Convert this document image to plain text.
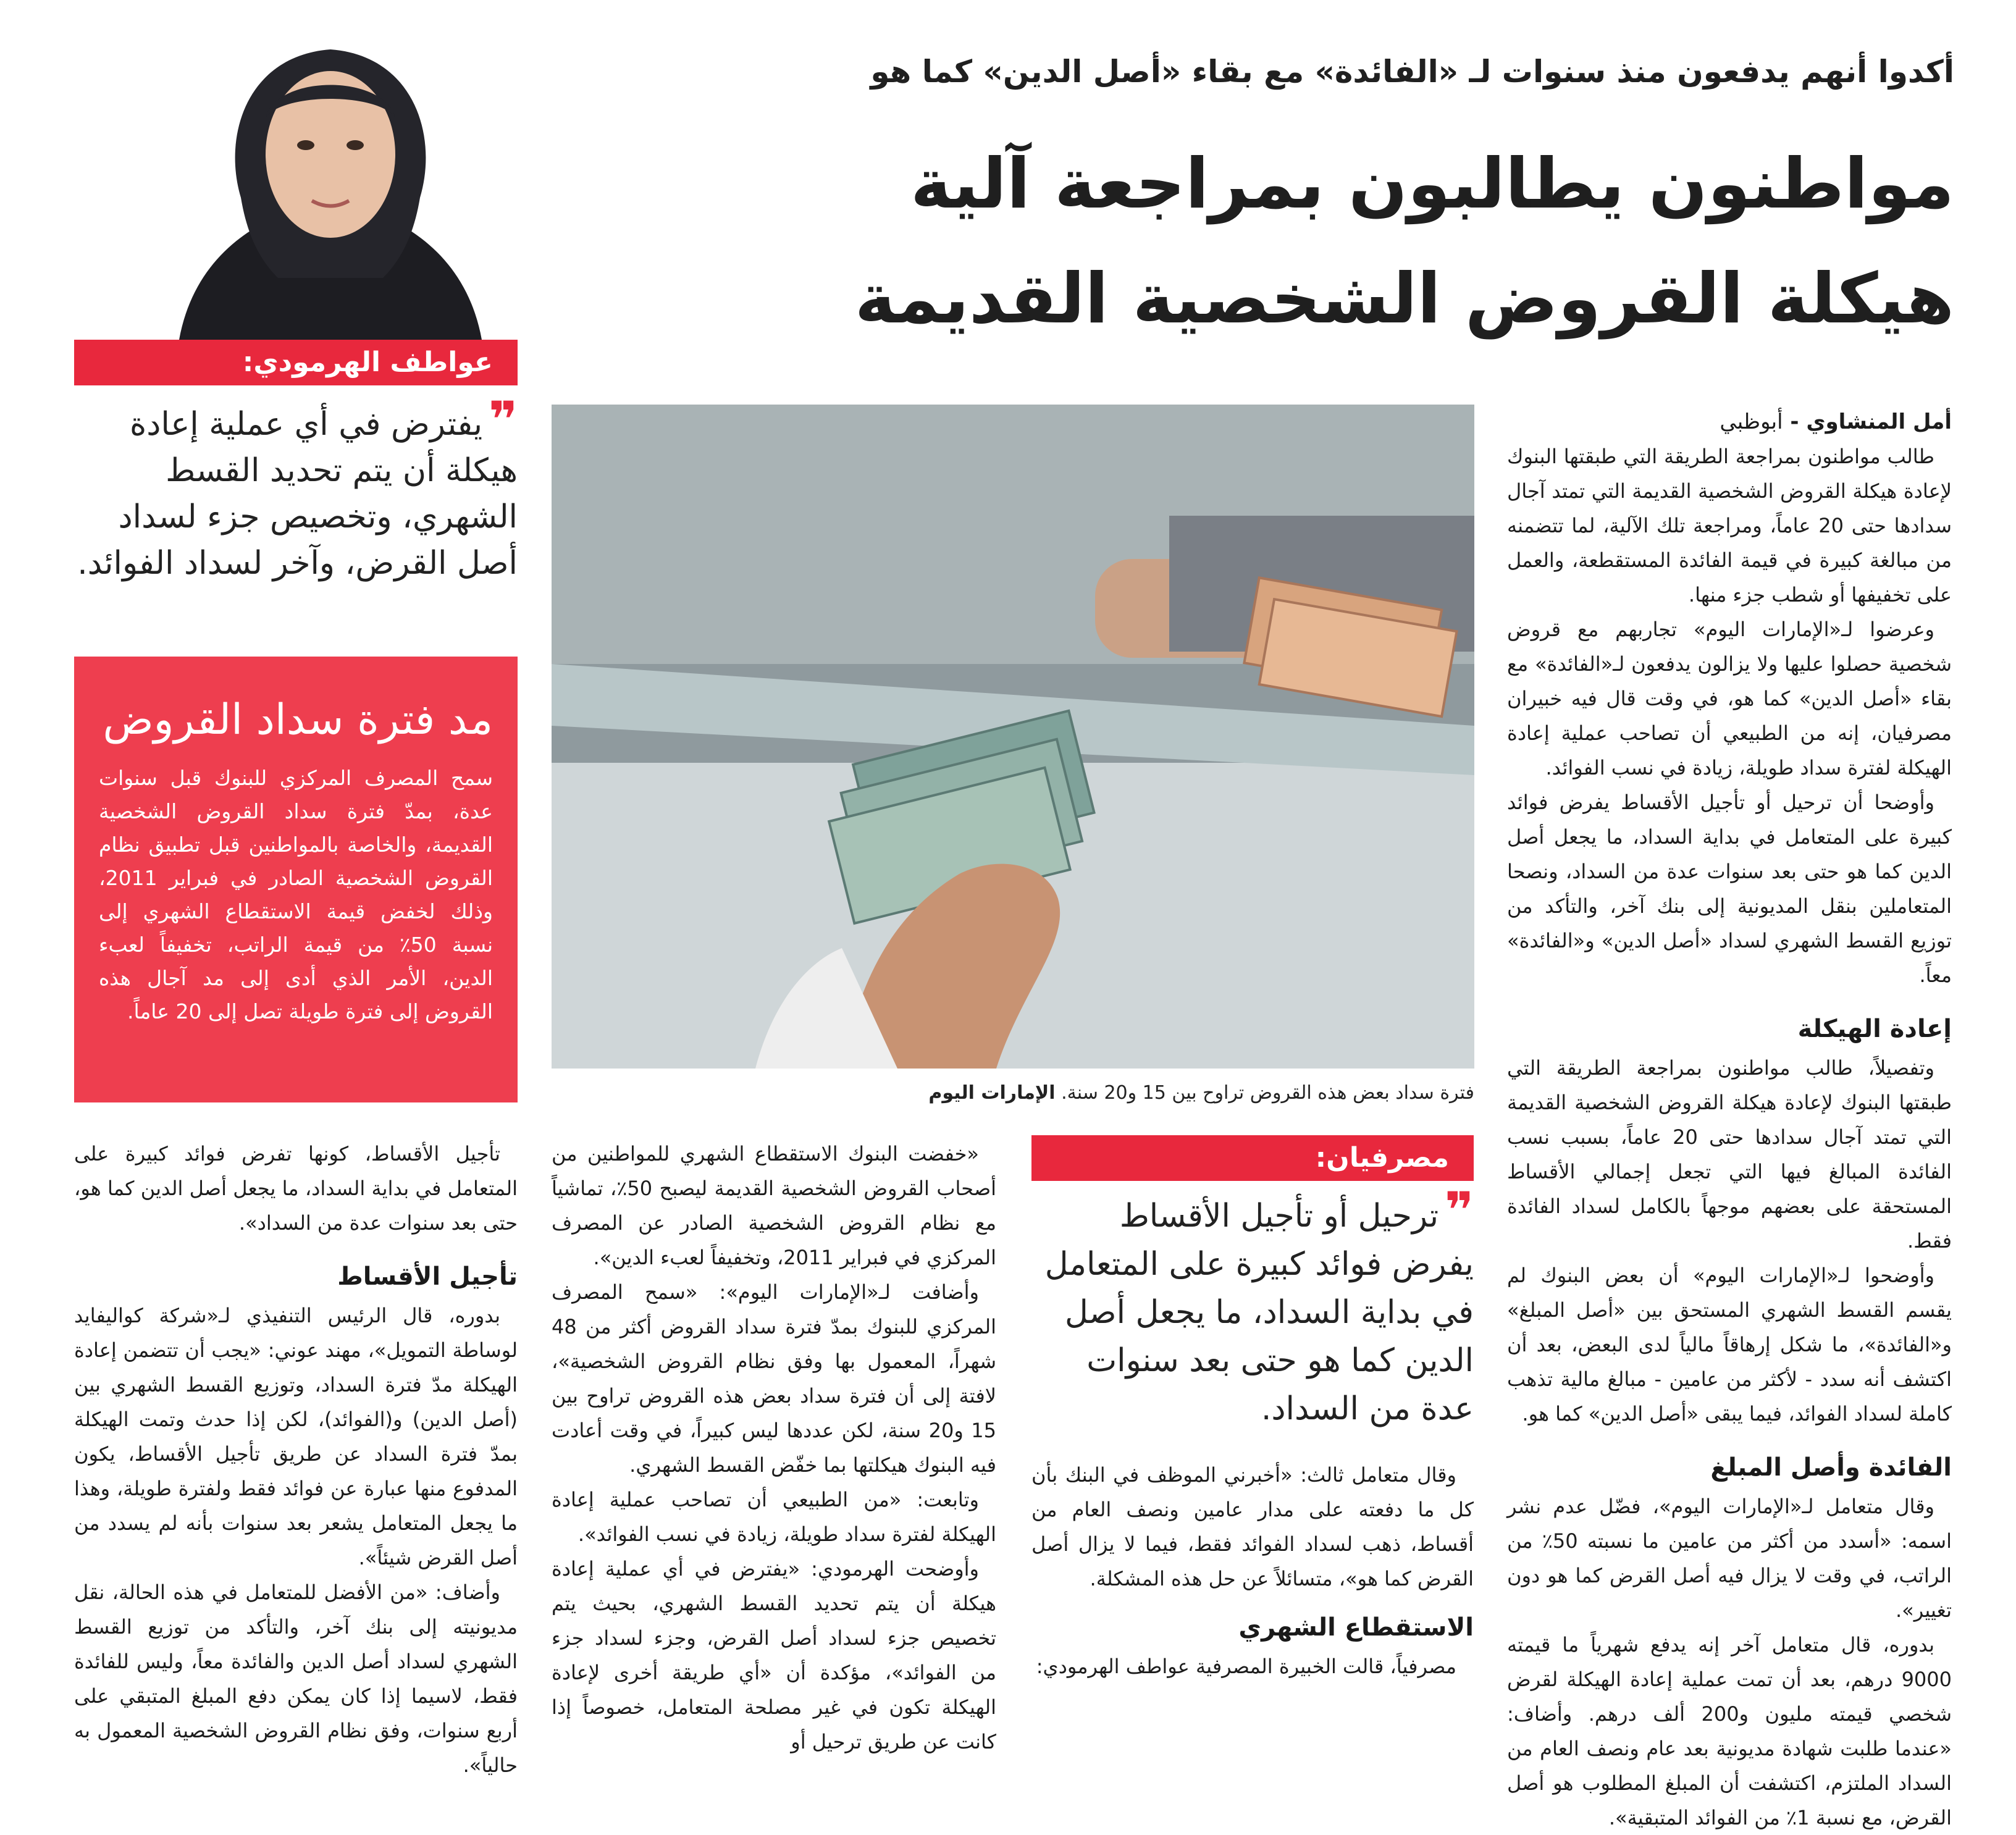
أكدوا أنهم يدفعون منذ سنوات لـ «الفائدة» مع بقاء «أصل الدين» كما هو
مواطنون يطالبون بمراجعة آلية
هيكلة القروض الشخصية القديمة
عواطف الهرمودي:
❞يفترض في أي عملية إعادة هيكلة أن يتم تحديد القسط الشهري، وتخصيص جزء لسداد أصل القرض، وآخر لسداد الفوائد.
مد فترة سداد القروض
سمح المصرف المركزي للبنوك قبل سنوات عدة، بمدّ فترة سداد القروض الشخصية القديمة، والخاصة بالمواطنين قبل تطبيق نظام القروض الشخصية الصادر في فبراير 2011، وذلك لخفض قيمة الاستقطاع الشهري إلى نسبة 50٪ من قيمة الراتب، تخفيفاً لعبء الدين، الأمر الذي أدى إلى مد آجال هذه القروض إلى فترة طويلة تصل إلى 20 عاماً.
فترة سداد بعض هذه القروض تراوح بين 15 و20 سنة. الإمارات اليوم
أمل المنشاوي - أبوظبي

طالب مواطنون بمراجعة الطريقة التي طبقتها البنوك لإعادة هيكلة القروض الشخصية القديمة التي تمتد آجال سدادها حتى 20 عاماً، ومراجعة تلك الآلية، لما تتضمنه من مبالغة كبيرة في قيمة الفائدة المستقطعة، والعمل على تخفيفها أو شطب جزء منها.

وعرضوا لـ«الإمارات اليوم» تجاربهم مع قروض شخصية حصلوا عليها ولا يزالون يدفعون لـ«الفائدة» مع بقاء «أصل الدين» كما هو، في وقت قال فيه خبيران مصرفيان، إنه من الطبيعي أن تصاحب عملية إعادة الهيكلة لفترة سداد طويلة، زيادة في نسب الفوائد.

وأوضحا أن ترحيل أو تأجيل الأقساط يفرض فوائد كبيرة على المتعامل في بداية السداد، ما يجعل أصل الدين كما هو حتى بعد سنوات عدة من السداد، ونصحا المتعاملين بنقل المديونية إلى بنك آخر، والتأكد من توزيع القسط الشهري لسداد «أصل الدين» و«الفائدة» معاً.

إعادة الهيكلة

وتفصيلاً، طالب مواطنون بمراجعة الطريقة التي طبقتها البنوك لإعادة هيكلة القروض الشخصية القديمة التي تمتد آجال سدادها حتى 20 عاماً، بسبب نسب الفائدة المبالغ فيها التي تجعل إجمالي الأقساط المستحقة على بعضهم موجهاً بالكامل لسداد الفائدة فقط.

وأوضحوا لـ«الإمارات اليوم» أن بعض البنوك لم يقسم القسط الشهري المستحق بين «أصل المبلغ» و«الفائدة»، ما شكل إرهاقاً مالياً لدى البعض، بعد أن اكتشف أنه سدد - لأكثر من عامين - مبالغ مالية تذهب كاملة لسداد الفوائد، فيما يبقى «أصل الدين» كما هو.

الفائدة وأصل المبلغ

وقال متعامل لـ«الإمارات اليوم»، فضّل عدم نشر اسمه: «أسدد من أكثر من عامين ما نسبته 50٪ من الراتب، في وقت لا يزال فيه أصل القرض كما هو دون تغيير».

بدوره، قال متعامل آخر إنه يدفع شهرياً ما قيمته 9000 درهم، بعد أن تمت عملية إعادة الهيكلة لقرض شخصي قيمته مليون و200 ألف درهم. وأضاف: «عندما طلبت شهادة مديونية بعد عام ونصف العام من السداد الملتزم، اكتشفت أن المبلغ المطلوب هو أصل القرض، مع نسبة 1٪ من الفوائد المتبقية».

مصرفيان:
❞ترحيل أو تأجيل الأقساط يفرض فوائد كبيرة على المتعامل في بداية السداد، ما يجعل أصل الدين كما هو حتى بعد سنوات عدة من السداد.

وقال متعامل ثالث: «أخبرني الموظف في البنك بأن كل ما دفعته على مدار عامين ونصف العام من أقساط، ذهب لسداد الفوائد فقط، فيما لا يزال أصل القرض كما هو»، متسائلاً عن حل هذه المشكلة.

الاستقطاع الشهري

مصرفياً، قالت الخبيرة المصرفية عواطف الهرمودي:

«خفضت البنوك الاستقطاع الشهري للمواطنين من أصحاب القروض الشخصية القديمة ليصبح 50٪، تماشياً مع نظام القروض الشخصية الصادر عن المصرف المركزي في فبراير 2011، وتخفيفاً لعبء الدين».

وأضافت لـ«الإمارات اليوم»: «سمح المصرف المركزي للبنوك بمدّ فترة سداد القروض أكثر من 48 شهراً، المعمول بها وفق نظام القروض الشخصية»، لافتة إلى أن فترة سداد بعض هذه القروض تراوح بين 15 و20 سنة، لكن عددها ليس كبيراً، في وقت أعادت فيه البنوك هيكلتها بما خفّض القسط الشهري.

وتابعت: «من الطبيعي أن تصاحب عملية إعادة الهيكلة لفترة سداد طويلة، زيادة في نسب الفوائد».

وأوضحت الهرمودي: «يفترض في أي عملية إعادة هيكلة أن يتم تحديد القسط الشهري، بحيث يتم تخصيص جزء لسداد أصل القرض، وجزء لسداد جزء من الفوائد»، مؤكدة أن «أي طريقة أخرى لإعادة الهيكلة تكون في غير مصلحة المتعامل، خصوصاً إذا كانت عن طريق ترحيل أو

تأجيل الأقساط، كونها تفرض فوائد كبيرة على المتعامل في بداية السداد، ما يجعل أصل الدين كما هو، حتى بعد سنوات عدة من السداد».

تأجيل الأقساط

بدوره، قال الرئيس التنفيذي لـ«شركة كواليفايد لوساطة التمويل»، مهند عوني: «يجب أن تتضمن إعادة الهيكلة مدّ فترة السداد، وتوزيع القسط الشهري بين (أصل الدين) و(الفوائد)، لكن إذا حدث وتمت الهيكلة بمدّ فترة السداد عن طريق تأجيل الأقساط، يكون المدفوع منها عبارة عن فوائد فقط ولفترة طويلة، وهذا ما يجعل المتعامل يشعر بعد سنوات بأنه لم يسدد من أصل القرض شيئاً».

وأضاف: «من الأفضل للمتعامل في هذه الحالة، نقل مديونيته إلى بنك آخر، والتأكد من توزيع القسط الشهري لسداد أصل الدين والفائدة معاً، وليس للفائدة فقط، لاسيما إذا كان يمكن دفع المبلغ المتبقي على أربع سنوات، وفق نظام القروض الشخصية المعمول به حالياً».
